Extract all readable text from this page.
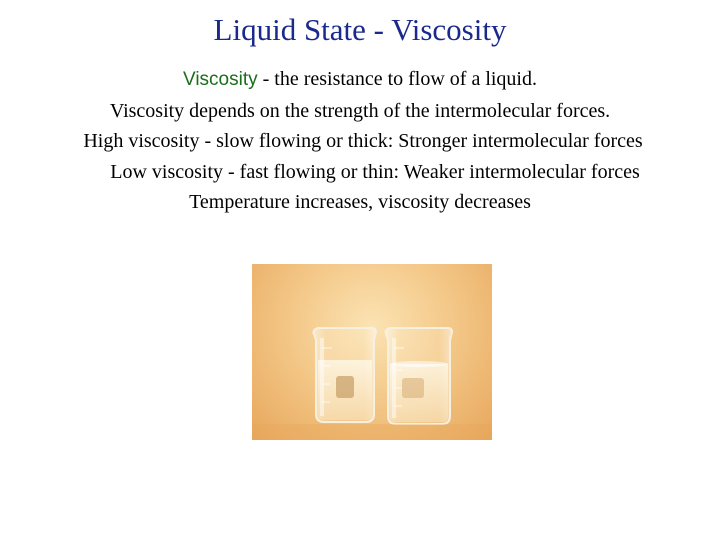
Liquid State - Viscosity
Viscosity - the resistance to flow of a liquid.
Viscosity depends on the strength of the intermolecular forces.
High viscosity - slow flowing or thick: Stronger intermolecular forces
Low viscosity - fast flowing or thin: Weaker intermolecular forces
Temperature increases, viscosity decreases
